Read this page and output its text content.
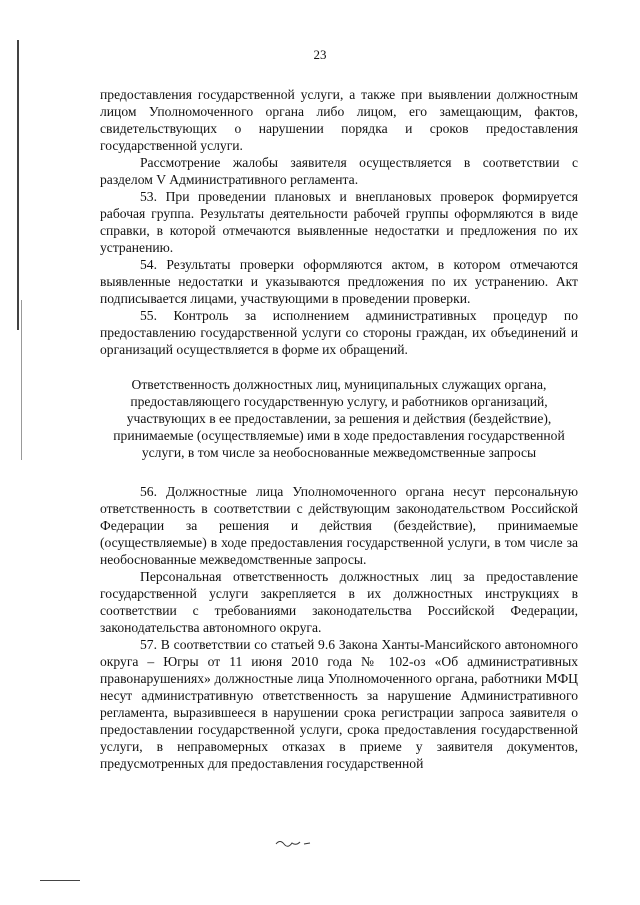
23

предоставления государственной услуги, а также при выявлении должностным лицом Уполномоченного органа либо лицом, его замещающим, фактов, свидетельствующих о нарушении порядка и сроков предоставления государственной услуги.

Рассмотрение жалобы заявителя осуществляется в соответствии с разделом V Административного регламента.

53. При проведении плановых и внеплановых проверок формируется рабочая группа. Результаты деятельности рабочей группы оформляются в виде справки, в которой отмечаются выявленные недостатки и предложения по их устранению.

54. Результаты проверки оформляются актом, в котором отмечаются выявленные недостатки и указываются предложения по их устранению. Акт подписывается лицами, участвующими в проведении проверки.

55. Контроль за исполнением административных процедур по предоставлению государственной услуги со стороны граждан, их объединений и организаций осуществляется в форме их обращений.

Ответственность должностных лиц, муниципальных служащих органа, предоставляющего государственную услугу, и работников организаций, участвующих в ее предоставлении, за решения и действия (бездействие), принимаемые (осуществляемые) ими в ходе предоставления государственной услуги, в том числе за необоснованные межведомственные запросы

56. Должностные лица Уполномоченного органа несут персональную ответственность в соответствии с действующим законодательством Российской Федерации за решения и действия (бездействие), принимаемые (осуществляемые) в ходе предоставления государственной услуги, в том числе за необоснованные межведомственные запросы.

Персональная ответственность должностных лиц за предоставление государственной услуги закрепляется в их должностных инструкциях в соответствии с требованиями законодательства Российской Федерации, законодательства автономного округа.

57. В соответствии со статьей 9.6 Закона Ханты-Мансийского автономного округа – Югры от 11 июня 2010 года № 102-оз «Об административных правонарушениях» должностные лица Уполномоченного органа, работники МФЦ несут административную ответственность за нарушение Административного регламента, выразившееся в нарушении срока регистрации запроса заявителя о предоставлении государственной услуги, срока предоставления государственной услуги, в неправомерных отказах в приеме у заявителя документов, предусмотренных для предоставления государственной
